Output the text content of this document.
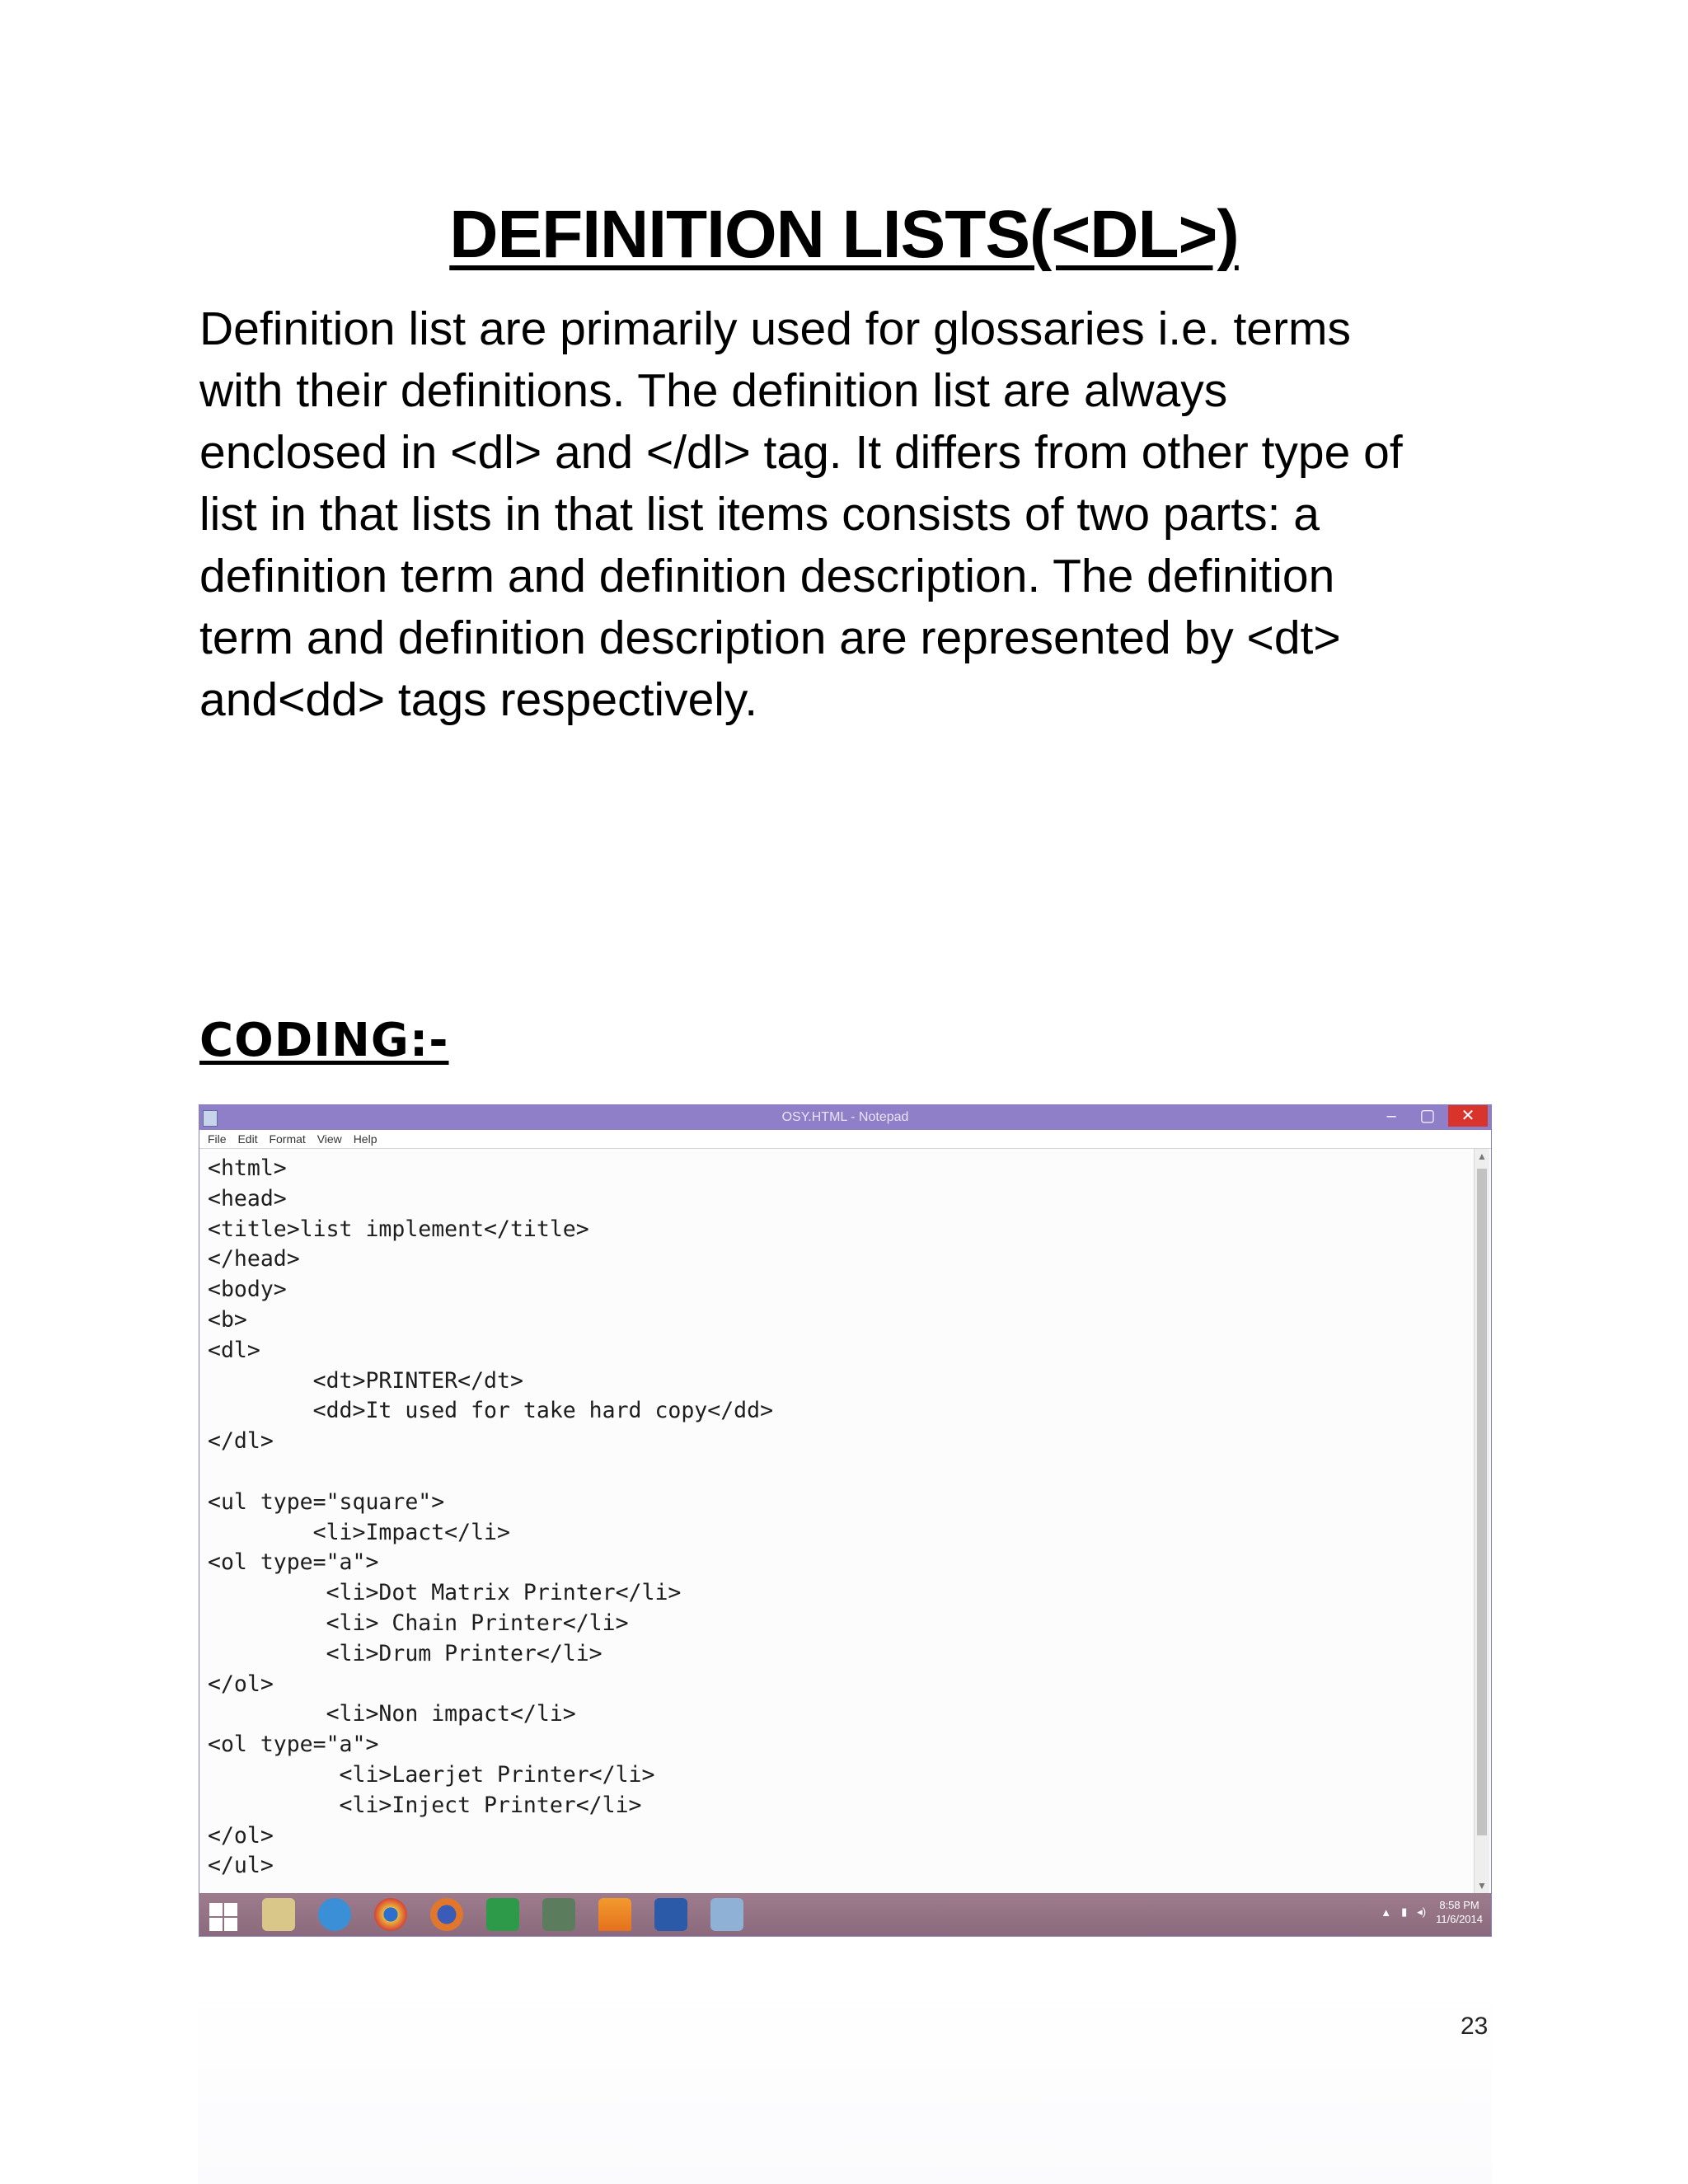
DEFINITION LISTS(<DL>)

Definition list are primarily used for glossaries i.e. terms
with their definitions. The definition list are always
enclosed in <dl> and </dl> tag. It differs from other type of
list in that lists in that list items consists of two parts: a
definition term and definition description. The definition
term and definition description are represented by <dt>
and<dd> tags respectively.

CODING:-
OSY.HTML - Notepad	–	▢	✕
File Edit Format View Help
<html>
<head>
<title>list implement</title>
</head>
<body>
<b>
<dl>
<dt>PRINTER</dt>
<dd>It used for take hard copy</dd>
</dl>

<ul type="square">
<li>Impact</li>
<ol type="a">
<li>Dot Matrix Printer</li>
<li> Chain Printer</li>
<li>Drum Printer</li>
</ol>
<li>Non impact</li>
<ol type="a">
<li>Laerjet Printer</li>
<li>Inject Printer</li>
</ol>
</ul>
▲
▼
▲ ▮ ◂)
8:58 PM
11/6/2014
23
